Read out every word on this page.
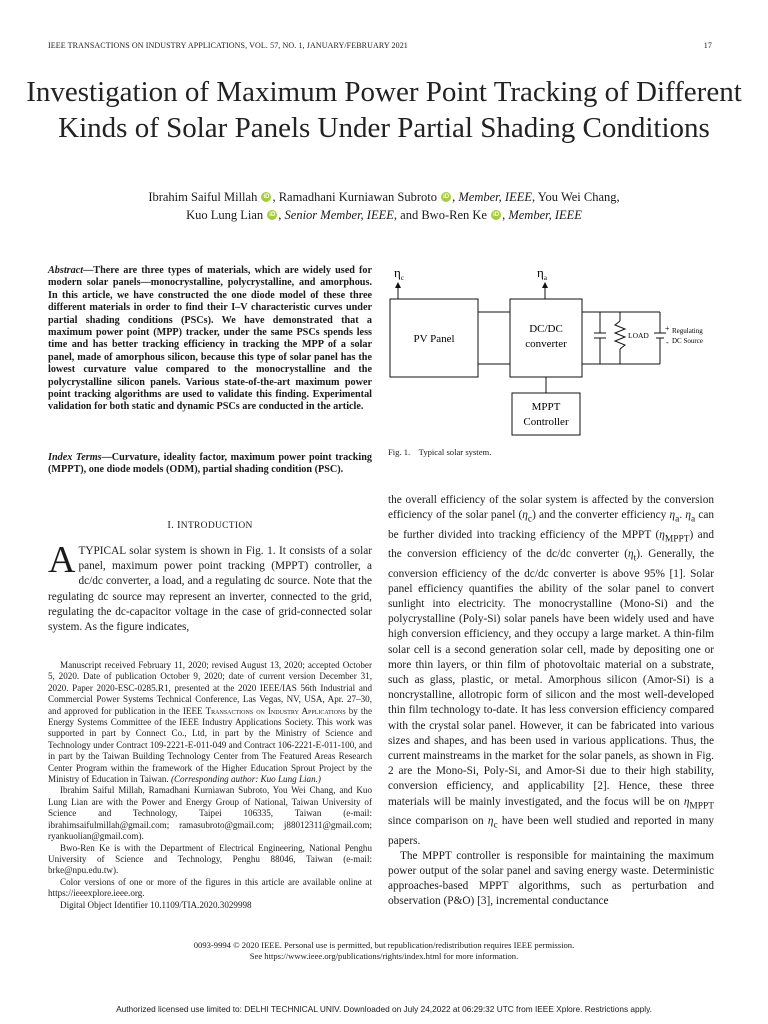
IEEE TRANSACTIONS ON INDUSTRY APPLICATIONS, VOL. 57, NO. 1, JANUARY/FEBRUARY 2021	17
Investigation of Maximum Power Point Tracking of Different Kinds of Solar Panels Under Partial Shading Conditions
Ibrahim Saiful Millah iD , Ramadhani Kurniawan Subroto iD , Member, IEEE, You Wei Chang,
Kuo Lung Lian iD , Senior Member, IEEE, and Bwo-Ren Ke iD , Member, IEEE
Abstract—There are three types of materials, which are widely used for modern solar panels—monocrystalline, polycrystalline, and amorphous. In this article, we have constructed the one diode model of these three different materials in order to find their I–V characteristic curves under partial shading conditions (PSCs). We have demonstrated that a maximum power point (MPP) tracker, under the same PSCs spends less time and has better tracking efficiency in tracking the MPP of a solar panel, made of amorphous silicon, because this type of solar panel has the lowest curvature value compared to the monocrystalline and the polycrystalline silicon panels. Various state-of-the-art maximum power point tracking algorithms are used to validate this finding. Experimental validation for both static and dynamic PSCs are conducted in the article.
Index Terms—Curvature, ideality factor, maximum power point tracking (MPPT), one diode models (ODM), partial shading condition (PSC).
I. INTRODUCTION
ATYPICAL solar system is shown in Fig. 1. It consists of a solar panel, maximum power point tracking (MPPT) controller, a dc/dc converter, a load, and a regulating dc source. Note that the regulating dc source may represent an inverter, connected to the grid, regulating the dc-capacitor voltage in the case of grid-connected solar system. As the figure indicates,

Manuscript received February 11, 2020; revised August 13, 2020; accepted October 5, 2020. Date of publication October 9, 2020; date of current version December 31, 2020. Paper 2020-ESC-0285.R1, presented at the 2020 IEEE/IAS 56th Industrial and Commercial Power Systems Technical Conference, Las Vegas, NV, USA, Apr. 27–30, and approved for publication in the IEEE Transactions on Industry Applications by the Energy Systems Committee of the IEEE Industry Applications Society. This work was supported in part by Connect Co., Ltd, in part by the Ministry of Science and Technology under Contract 109-2221-E-011-049 and Contract 106-2221-E-011-100, and in part by the Taiwan Building Technology Center from The Featured Areas Research Center Program within the framework of the Higher Education Sprout Project by the Ministry of Education in Taiwan. (Corresponding author: Kuo Lung Lian.)

Ibrahim Saiful Millah, Ramadhani Kurniawan Subroto, You Wei Chang, and Kuo Lung Lian are with the Power and Energy Group of National, Taiwan University of Science and Technology, Taipei 106335, Taiwan (e-mail: ibrahimsaifulmillah@gmail.com; ramasubroto@gmail.com; j88012311@gmail.com; ryankuolian@gmail.com).

Bwo-Ren Ke is with the Department of Electrical Engineering, National Penghu University of Science and Technology, Penghu 88046, Taiwan (e-mail: brke@npu.edu.tw).

Color versions of one or more of the figures in this article are available online at https://ieeexplore.ieee.org.

Digital Object Identifier 10.1109/TIA.2020.3029998

$\eta_c$	$\eta_a$
PV Panel
DC/DC
converter
LOAD
+
-
Regulating
DC Source
MPPT
Controller
Fig. 1. Typical solar system.

the overall efficiency of the solar system is affected by the conversion efficiency of the solar panel $(\eta_c)$ and the converter efficiency $\eta_a$. $\eta_a$ can be further divided into tracking efficiency of the MPPT $(\eta_{MPPT})$ and the conversion efficiency of the dc/dc converter $(\eta_t)$. Generally, the conversion efficiency of the dc/dc converter is above 95% [1]. Solar panel efficiency quantifies the ability of the solar panel to convert sunlight into electricity. The monocrystalline (Mono-Si) and the polycrystalline (Poly-Si) solar panels have been widely used and have high conversion efficiency, and they occupy a large market. A thin-film solar cell is a second generation solar cell, made by depositing one or more thin layers, or thin film of photovoltaic material on a substrate, such as glass, plastic, or metal. Amorphous silicon (Amor-Si) is a noncrystalline, allotropic form of silicon and the most well-developed thin film technology to-date. It has less conversion efficiency compared with the crystal solar panel. However, it can be fabricated into various sizes and shapes, and has been used in various applications. Thus, the current mainstreams in the market for the solar panels, as shown in Fig. 2 are the Mono-Si, Poly-Si, and Amor-Si due to their high stability, conversion efficiency, and applicability [2]. Hence, these three materials will be mainly investigated, and the focus will be on $\eta_{MPPT}$ since comparison on $\eta_c$ have been well studied and reported in many papers.

The MPPT controller is responsible for maintaining the maximum power output of the solar panel and saving energy waste. Deterministic approaches-based MPPT algorithms, such as perturbation and observation (P&O) [3], incremental conductance

0093-9994 © 2020 IEEE. Personal use is permitted, but republication/redistribution requires IEEE permission.
See https://www.ieee.org/publications/rights/index.html for more information.
Authorized licensed use limited to: DELHI TECHNICAL UNIV. Downloaded on July 24,2022 at 06:29:32 UTC from IEEE Xplore. Restrictions apply.
